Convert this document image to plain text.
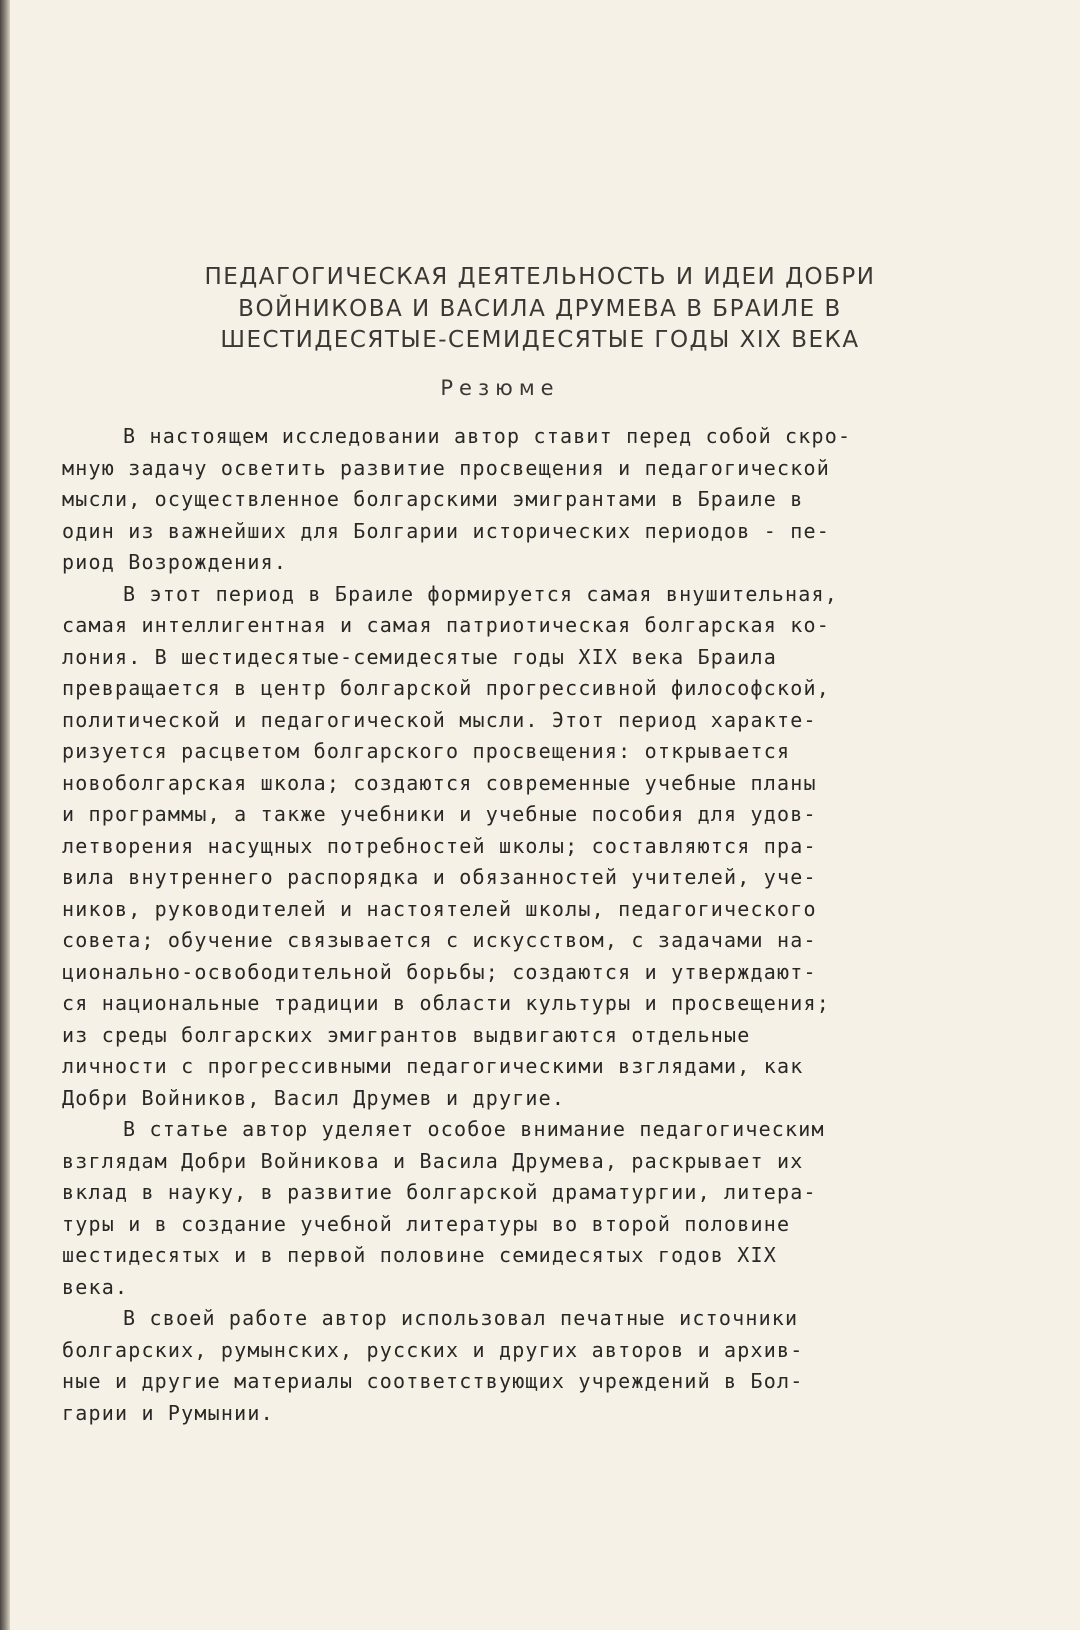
ПЕДАГОГИЧЕСКАЯ ДЕЯТЕЛЬНОСТЬ И ИДЕИ ДОБРИ
ВОЙНИКОВА И ВАСИЛА ДРУМЕВА В БРАИЛЕ В
ШЕСТИДЕСЯТЫЕ-СЕМИДЕСЯТЫЕ ГОДЫ XIX ВЕКА
Резюме
В настоящем исследовании автор ставит перед собой скро-
мную задачу осветить развитие просвещения и педагогической
мысли, осуществленное болгарскими эмигрантами в Браиле в
один из важнейших для Болгарии исторических периодов - пе-
риод Возрождения.
В этот период в Браиле формируется самая внушительная,
самая интеллигентная и самая патриотическая болгарская ко-
лония. В шестидесятые-семидесятые годы XIX века Браила
превращается в центр болгарской прогрессивной философской,
политической и педагогической мысли. Этот период характе-
ризуется расцветом болгарского просвещения: открывается
новоболгарская школа; создаются современные учебные планы
и программы, а также учебники и учебные пособия для удов-
летворения насущных потребностей школы; составляются пра-
вила внутреннего распорядка и обязанностей учителей, уче-
ников, руководителей и настоятелей школы, педагогического
совета; обучение связывается с искусством, с задачами на-
ционально-освободительной борьбы; создаются и утверждают-
ся национальные традиции в области культуры и просвещения;
из среды болгарских эмигрантов выдвигаются отдельные
личности с прогрессивными педагогическими взглядами, как
Добри Войников, Васил Друмев и другие.
В статье автор уделяет особое внимание педагогическим
взглядам Добри Войникова и Васила Друмева, раскрывает их
вклад в науку, в развитие болгарской драматургии, литера-
туры и в создание учебной литературы во второй половине
шестидесятых и в первой половине семидесятых годов XIX
века.
В своей работе автор использовал печатные источники
болгарских, румынских, русских и других авторов и архив-
ные и другие материалы соответствующих учреждений в Бол-
гарии и Румынии.
